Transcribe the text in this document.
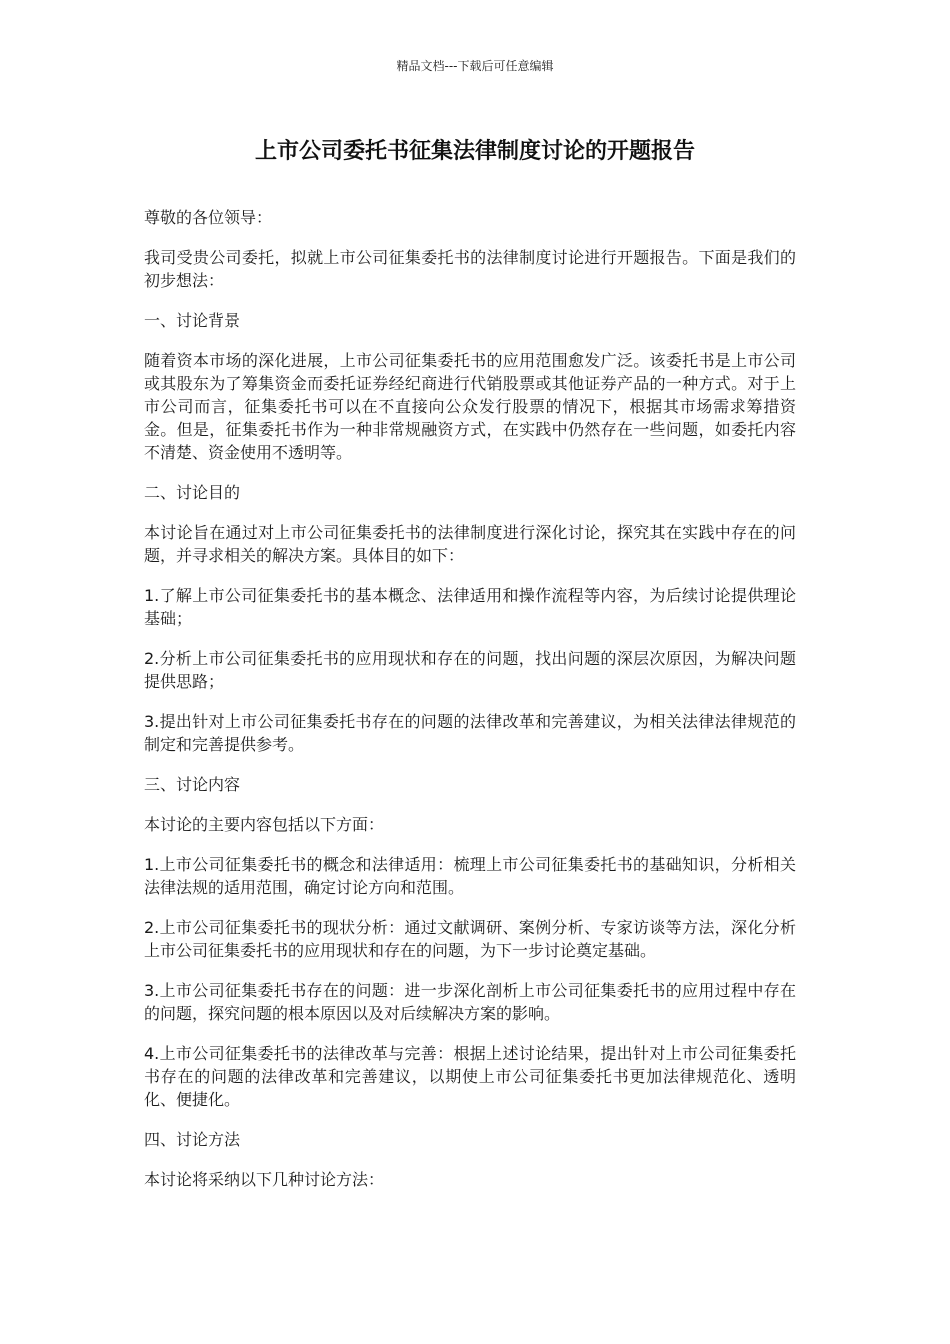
精品文档---下载后可任意编辑
上市公司委托书征集法律制度讨论的开题报告

尊敬的各位领导：

我司受贵公司委托，拟就上市公司征集委托书的法律制度讨论进行开题报告。下面是我们的初步想法：

一、讨论背景

随着资本市场的深化进展，上市公司征集委托书的应用范围愈发广泛。该委托书是上市公司或其股东为了筹集资金而委托证券经纪商进行代销股票或其他证券产品的一种方式。对于上市公司而言，征集委托书可以在不直接向公众发行股票的情况下，根据其市场需求筹措资金。但是，征集委托书作为一种非常规融资方式，在实践中仍然存在一些问题，如委托内容不清楚、资金使用不透明等。

二、讨论目的

本讨论旨在通过对上市公司征集委托书的法律制度进行深化讨论，探究其在实践中存在的问题，并寻求相关的解决方案。具体目的如下：

1.了解上市公司征集委托书的基本概念、法律适用和操作流程等内容，为后续讨论提供理论基础；

2.分析上市公司征集委托书的应用现状和存在的问题，找出问题的深层次原因，为解决问题提供思路；

3.提出针对上市公司征集委托书存在的问题的法律改革和完善建议，为相关法律法律规范的制定和完善提供参考。

三、讨论内容

本讨论的主要内容包括以下方面：

1.上市公司征集委托书的概念和法律适用：梳理上市公司征集委托书的基础知识，分析相关法律法规的适用范围，确定讨论方向和范围。

2.上市公司征集委托书的现状分析：通过文献调研、案例分析、专家访谈等方法，深化分析上市公司征集委托书的应用现状和存在的问题，为下一步讨论奠定基础。

3.上市公司征集委托书存在的问题：进一步深化剖析上市公司征集委托书的应用过程中存在的问题，探究问题的根本原因以及对后续解决方案的影响。

4.上市公司征集委托书的法律改革与完善：根据上述讨论结果，提出针对上市公司征集委托书存在的问题的法律改革和完善建议，以期使上市公司征集委托书更加法律规范化、透明化、便捷化。

四、讨论方法

本讨论将采纳以下几种讨论方法：
